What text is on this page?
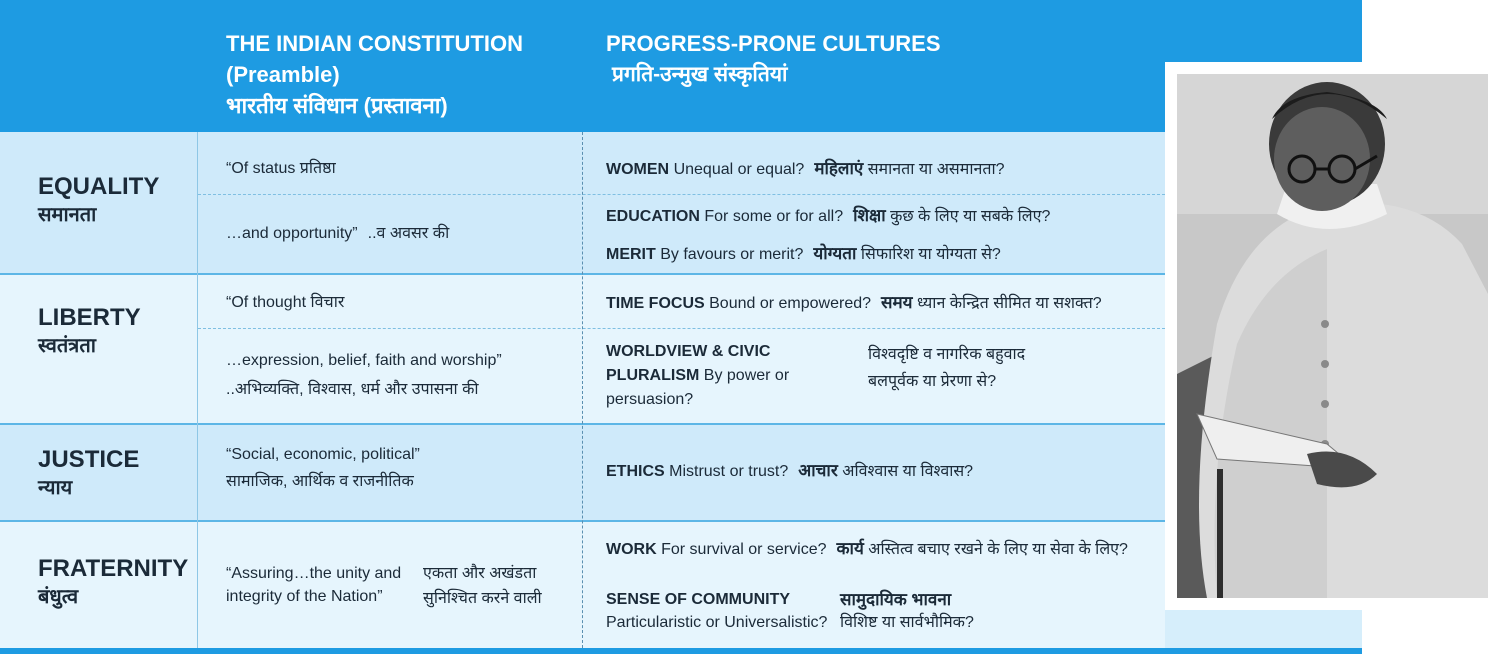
THE INDIAN CONSTITUTION
(Preamble)
भारतीय संविधान (प्रस्तावना)
PROGRESS-PRONE CULTURES
प्रगति-उन्मुख संस्कृतियां
EQUALITY
समानता
“Of status प्रतिष्ठा
…and opportunity” ..व अवसर की
WOMEN Unequal or equal? महिलाएं समानता या असमानता?
EDUCATION For some or for all? शिक्षा कुछ के लिए या सबके लिए?
MERIT By favours or merit? योग्यता सिफारिश या योग्यता से?
LIBERTY
स्वतंत्रता
“Of thought विचार
…expression, belief, faith and worship”
..अभिव्यक्ति, विश्वास, धर्म और उपासना की
TIME FOCUS Bound or empowered? समय ध्यान केन्द्रित सीमित या सशक्त?
WORLDVIEW & CIVIC
PLURALISM By power or
persuasion?
विश्वदृष्टि व नागरिक बहुवाद
बलपूर्वक या प्रेरणा से?
JUSTICE
न्याय
“Social, economic, political”
सामाजिक, आर्थिक व राजनीतिक
ETHICS Mistrust or trust? आचार अविश्वास या विश्वास?
FRATERNITY
बंधुत्व
“Assuring…the unity and
integrity of the Nation”
एकता और अखंडता
सुनिश्चित करने वाली
WORK For survival or service? कार्य अस्तित्व बचाए रखने के लिए या सेवा के लिए?
SENSE OF COMMUNITY
Particularistic or Universalistic?
सामुदायिक भावना
विशिष्ट या सार्वभौमिक?
